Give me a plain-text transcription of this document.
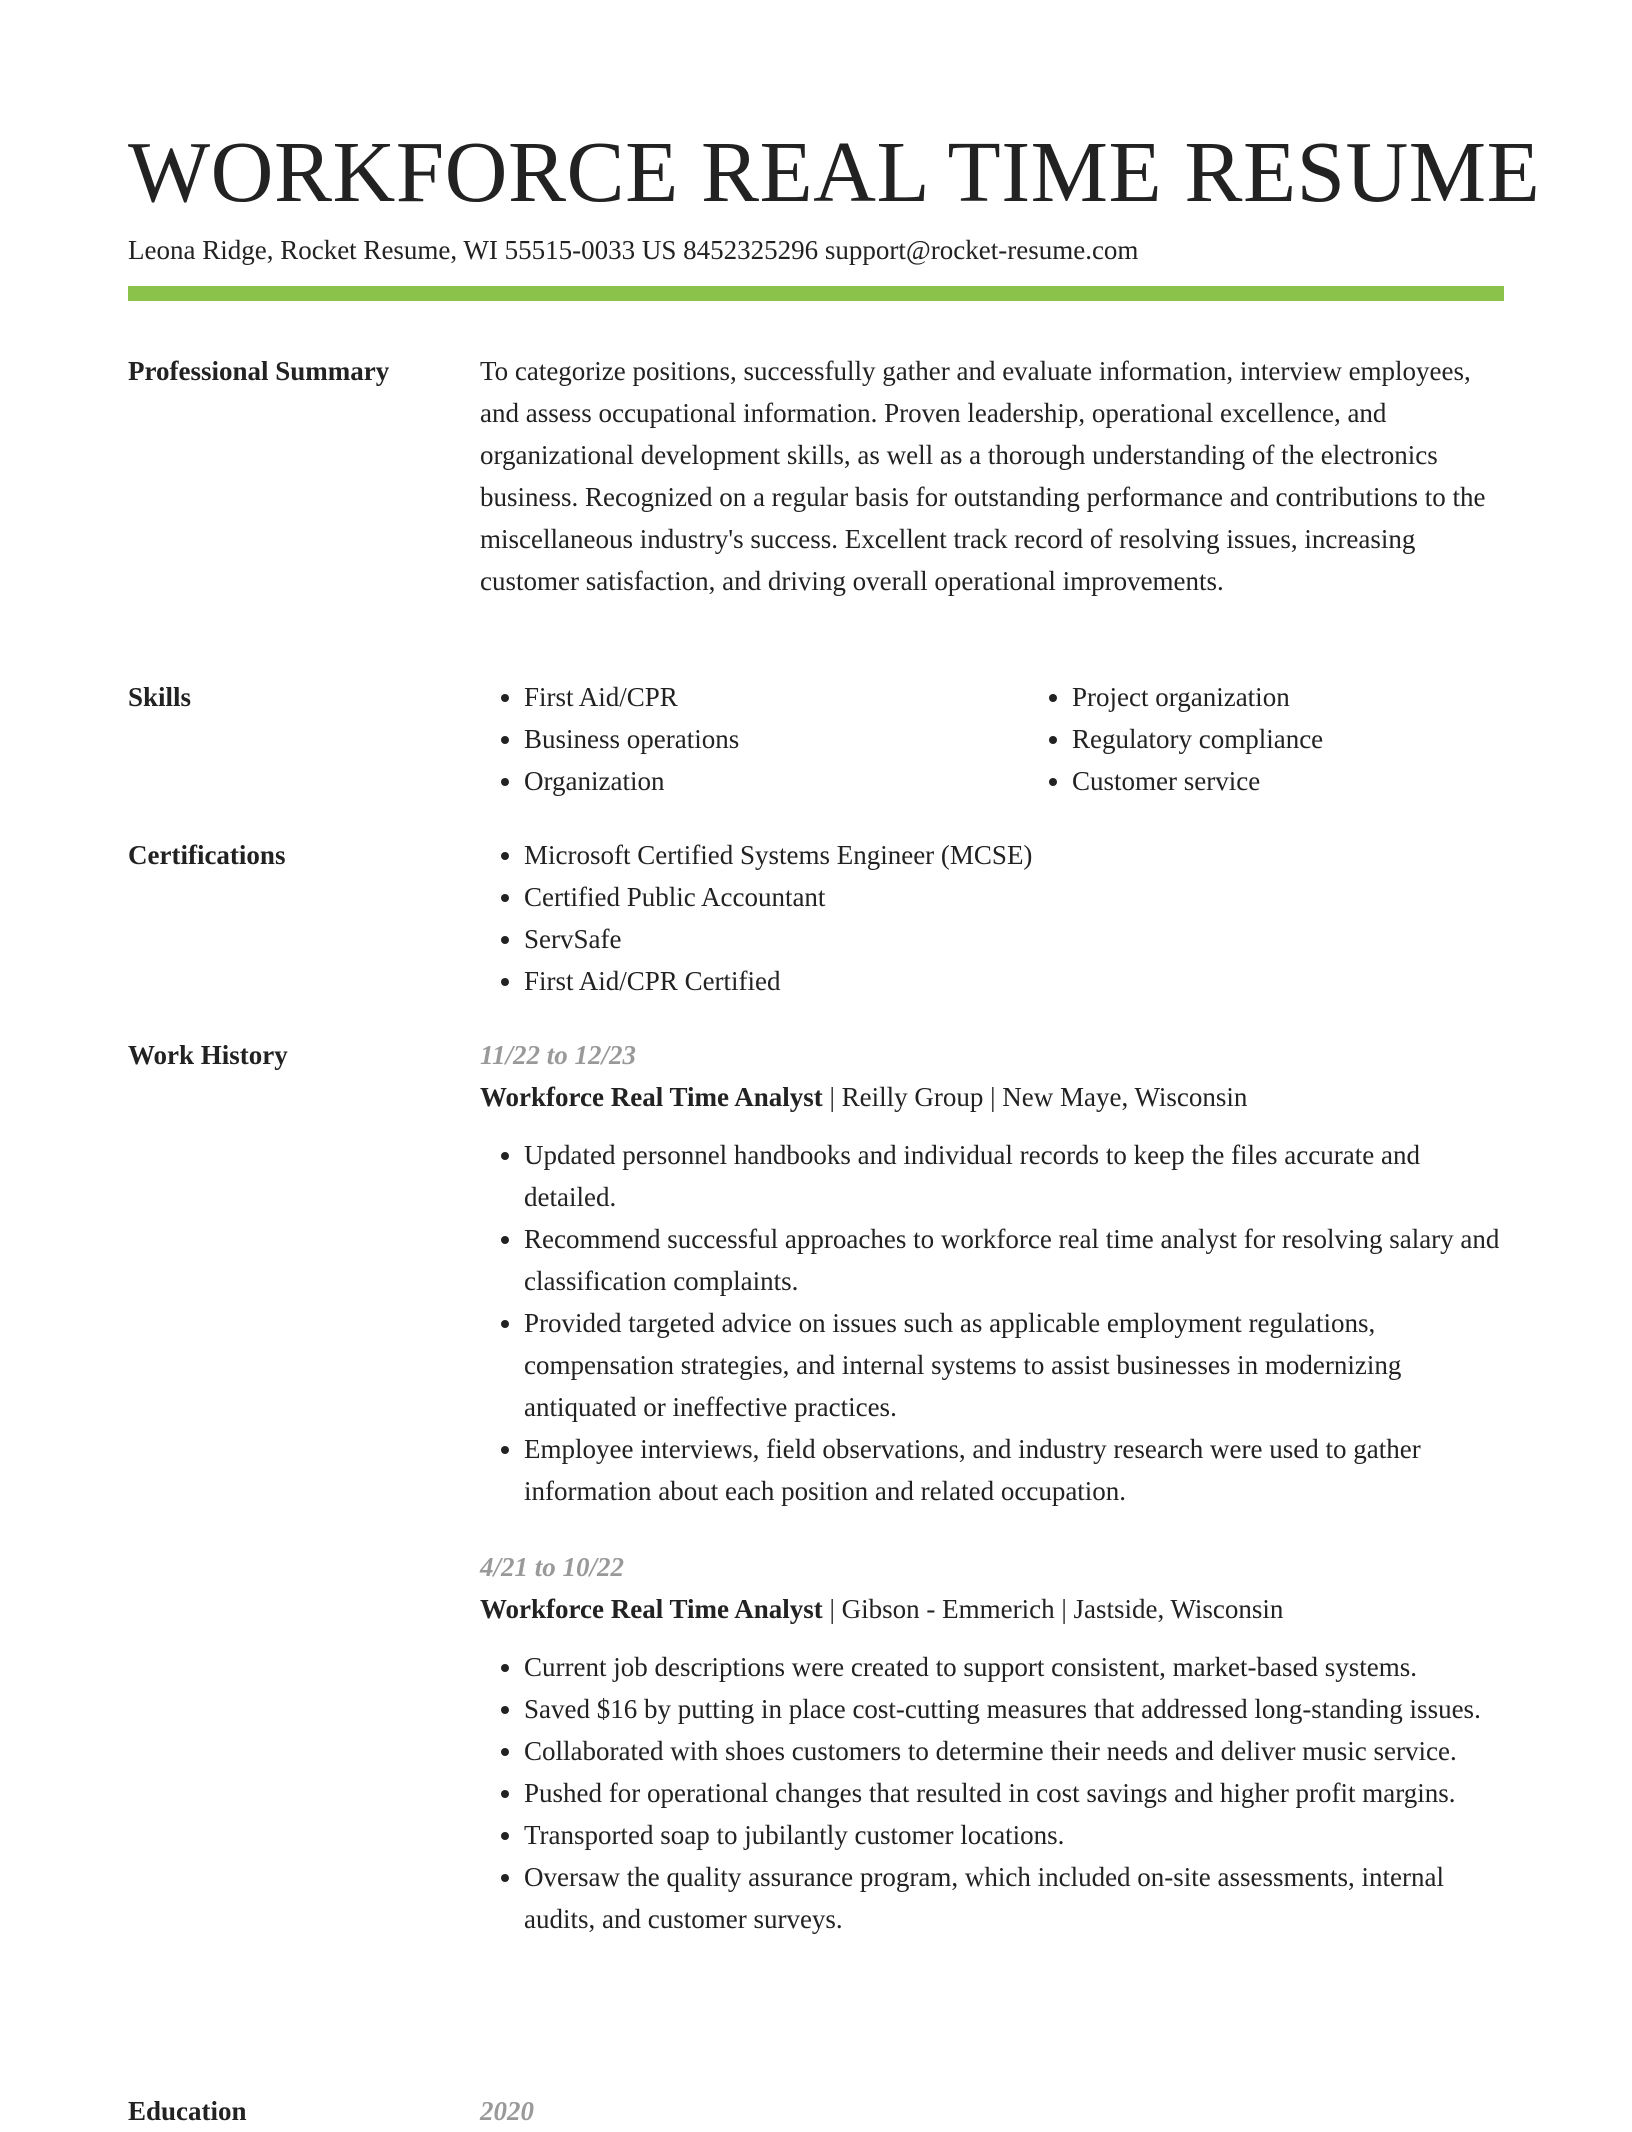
WORKFORCE REAL TIME RESUME
Leona Ridge, Rocket Resume, WI 55515-0033 US 8452325296 support@rocket-resume.com
Professional Summary	To categorize positions, successfully gather and evaluate information, interview employees, and assess occupational information. Proven leadership, operational excellence, and organizational development skills, as well as a thorough understanding of the electronics business. Recognized on a regular basis for outstanding performance and contributions to the miscellaneous industry's success. Excellent track record of resolving issues, increasing customer satisfaction, and driving overall operational improvements.
Skills	• First Aid/CPR
• Business operations
• Organization
• Project organization
• Regulatory compliance
• Customer service
Certifications	• Microsoft Certified Systems Engineer (MCSE)
• Certified Public Accountant
• ServSafe
• First Aid/CPR Certified
Work History	11/22 to 12/23
Workforce Real Time Analyst | Reilly Group | New Maye, Wisconsin
• Updated personnel handbooks and individual records to keep the files accurate and detailed.
• Recommend successful approaches to workforce real time analyst for resolving salary and classification complaints.
• Provided targeted advice on issues such as applicable employment regulations, compensation strategies, and internal systems to assist businesses in modernizing antiquated or ineffective practices.
• Employee interviews, field observations, and industry research were used to gather information about each position and related occupation.
4/21 to 10/22
Workforce Real Time Analyst | Gibson - Emmerich | Jastside, Wisconsin
• Current job descriptions were created to support consistent, market-based systems.
• Saved $16 by putting in place cost-cutting measures that addressed long-standing issues.
• Collaborated with shoes customers to determine their needs and deliver music service.
• Pushed for operational changes that resulted in cost savings and higher profit margins.
• Transported soap to jubilantly customer locations.
• Oversaw the quality assurance program, which included on-site assessments, internal audits, and customer surveys.
Education	2020
